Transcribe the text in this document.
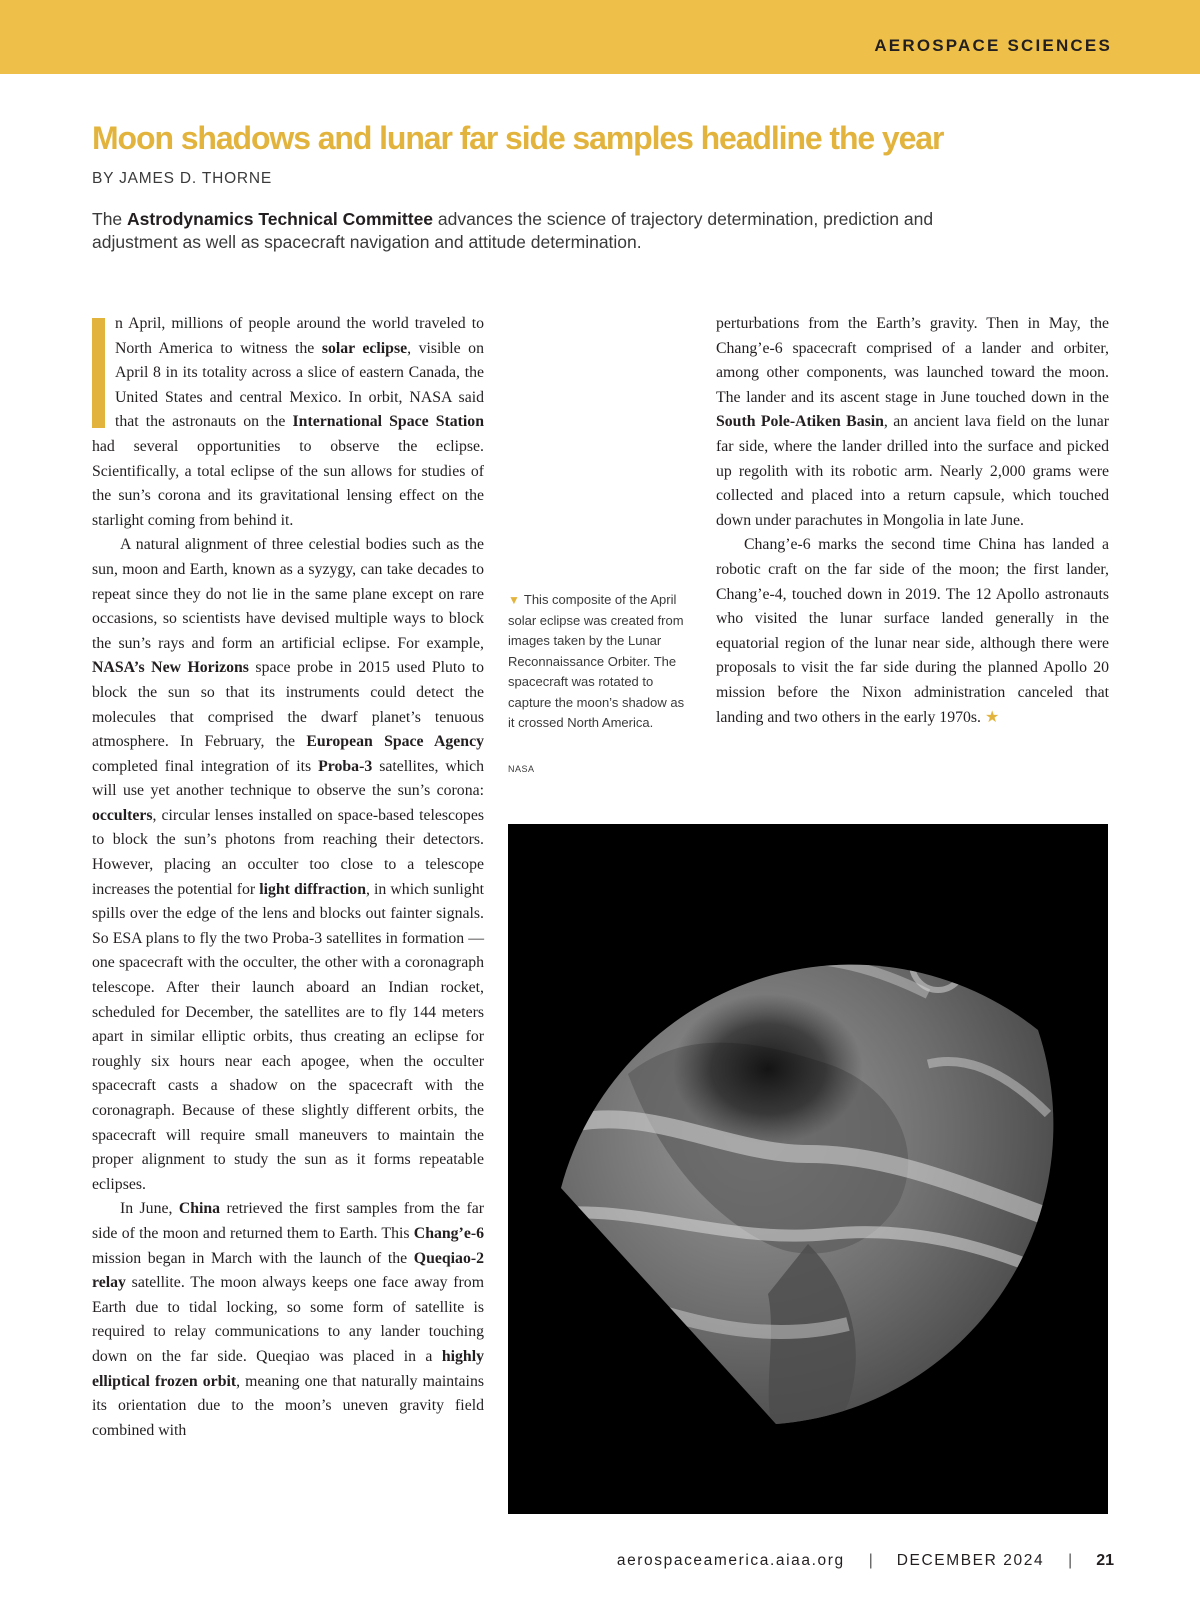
AEROSPACE SCIENCES
Moon shadows and lunar far side samples headline the year
BY JAMES D. THORNE
The Astrodynamics Technical Committee advances the science of trajectory determination, prediction and adjustment as well as spacecraft navigation and attitude determination.

n April, millions of people around the world traveled to North America to witness the solar eclipse, visible on April 8 in its totality across a slice of eastern Canada, the United States and central Mexico. In orbit, NASA said that the astronauts on the International Space Station had several opportunities to observe the eclipse. Scientifically, a total eclipse of the sun allows for studies of the sun’s corona and its gravitational lensing effect on the starlight coming from behind it.

A natural alignment of three celestial bodies such as the sun, moon and Earth, known as a syzygy, can take decades to repeat since they do not lie in the same plane except on rare occasions, so scientists have devised multiple ways to block the sun’s rays and form an artificial eclipse. For example, NASA’s New Horizons space probe in 2015 used Pluto to block the sun so that its instruments could detect the molecules that comprised the dwarf planet’s tenuous atmosphere. In February, the European Space Agency completed final integration of its Proba-3 satellites, which will use yet another technique to observe the sun’s corona: occulters, circular lenses installed on space-based telescopes to block the sun’s photons from reaching their detectors. However, placing an occulter too close to a telescope increases the potential for light diffraction, in which sunlight spills over the edge of the lens and blocks out fainter signals. So ESA plans to fly the two Proba-3 satellites in formation — one spacecraft with the occulter, the other with a coronagraph telescope. After their launch aboard an Indian rocket, scheduled for December, the satellites are to fly 144 meters apart in similar elliptic orbits, thus creating an eclipse for roughly six hours near each apogee, when the occulter spacecraft casts a shadow on the spacecraft with the coronagraph. Because of these slightly different orbits, the spacecraft will require small maneuvers to maintain the proper alignment to study the sun as it forms repeatable eclipses.

In June, China retrieved the first samples from the far side of the moon and returned them to Earth. This Chang’e-6 mission began in March with the launch of the Queqiao-2 relay satellite. The moon always keeps one face away from Earth due to tidal locking, so some form of satellite is required to relay communications to any lander touching down on the far side. Queqiao was placed in a highly elliptical frozen orbit, meaning one that naturally maintains its orientation due to the moon’s uneven gravity field combined with

▼ This composite of the April solar eclipse was created from images taken by the Lunar Reconnaissance Orbiter. The spacecraft was rotated to capture the moon’s shadow as it crossed North America.
NASA

perturbations from the Earth’s gravity. Then in May, the Chang’e-6 spacecraft comprised of a lander and orbiter, among other components, was launched toward the moon. The lander and its ascent stage in June touched down in the South Pole-Atiken Basin, an ancient lava field on the lunar far side, where the lander drilled into the surface and picked up regolith with its robotic arm. Nearly 2,000 grams were collected and placed into a return capsule, which touched down under parachutes in Mongolia in late June.

Chang’e-6 marks the second time China has landed a robotic craft on the far side of the moon; the first lander, Chang’e-4, touched down in 2019. The 12 Apollo astronauts who visited the lunar surface landed generally in the equatorial region of the lunar near side, although there were proposals to visit the far side during the planned Apollo 20 mission before the Nixon administration canceled that landing and two others in the early 1970s. ★

aerospaceamerica.aiaa.org | DECEMBER 2024 | 21
